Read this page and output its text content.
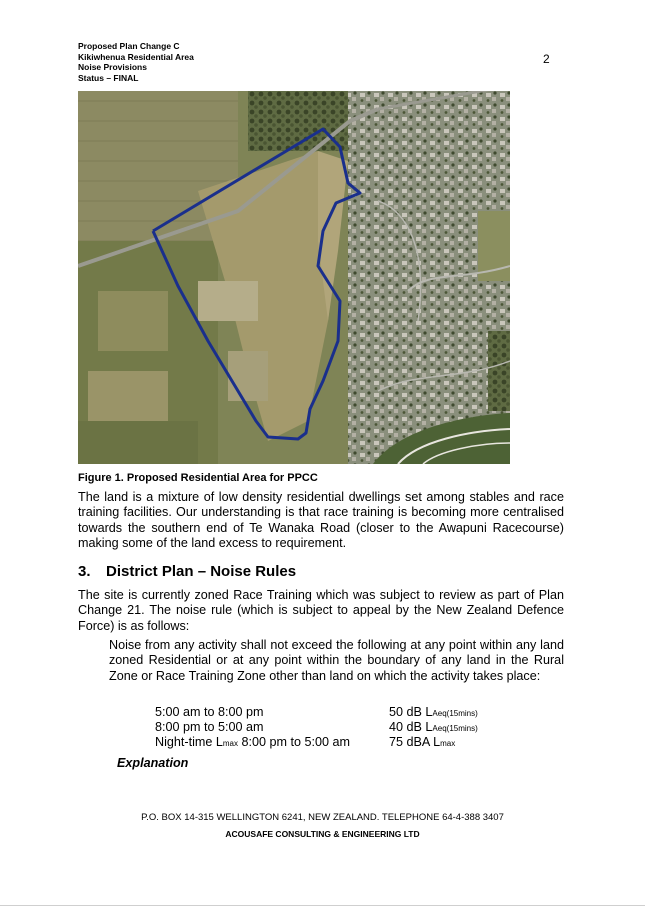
Proposed Plan Change C
Kikiwhenua Residential Area
Noise Provisions
Status – FINAL
2
Figure 1. Proposed Residential Area for PPCC

The land is a mixture of low density residential dwellings set among stables and race training facilities. Our understanding is that race training is becoming more centralised towards the southern end of Te Wanaka Road (closer to the Awapuni Racecourse) making some of the land excess to requirement.

3. District Plan – Noise Rules

The site is currently zoned Race Training which was subject to review as part of Plan Change 21. The noise rule (which is subject to appeal by the New Zealand Defence Force) is as follows:

Noise from any activity shall not exceed the following at any point within any land zoned Residential or at any point within the boundary of any land in the Rural Zone or Race Training Zone other than land on which the activity takes place:

5:00 am to 8:00 pm	50 dB LAeq(15mins)
8:00 pm to 5:00 am	40 dB LAeq(15mins)
Night-time Lmax 8:00 pm to 5:00 am	75 dBA Lmax
Explanation
P.O. BOX 14-315 WELLINGTON 6241, NEW ZEALAND. TELEPHONE 64-4-388 3407
ACOUSAFE CONSULTING & ENGINEERING LTD
